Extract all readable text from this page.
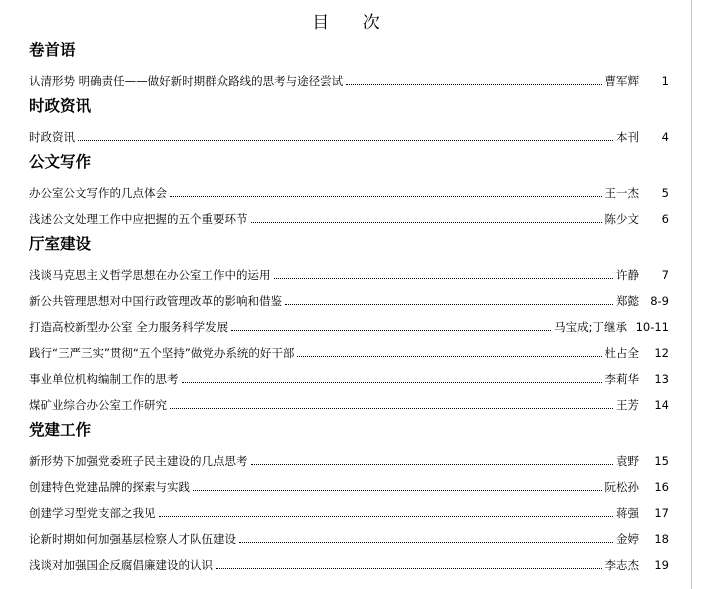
目 次
卷首语
认清形势 明确责任——做好新时期群众路线的思考与途径尝试	曹军辉	1
时政资讯
时政资讯	本刊	4
公文写作
办公室公文写作的几点体会	王一杰	5
浅述公文处理工作中应把握的五个重要环节	陈少文	6
厅室建设
浅谈马克思主义哲学思想在办公室工作中的运用	许静	7
新公共管理思想对中国行政管理改革的影响和借鉴	郑懿 8-9
打造高校新型办公室 全力服务科学发展	马宝成;丁继承 10-11
践行“三严三实”贯彻“五个坚持”做党办系统的好干部	杜占全	12
事业单位机构编制工作的思考	李莉华	13
煤矿业综合办公室工作研究	王芳	14
党建工作
新形势下加强党委班子民主建设的几点思考	袁野	15
创建特色党建品牌的探索与实践	阮松孙	16
创建学习型党支部之我见	蒋强	17
论新时期如何加强基层检察人才队伍建设	金婷	18
浅谈对加强国企反腐倡廉建设的认识	李志杰	19
